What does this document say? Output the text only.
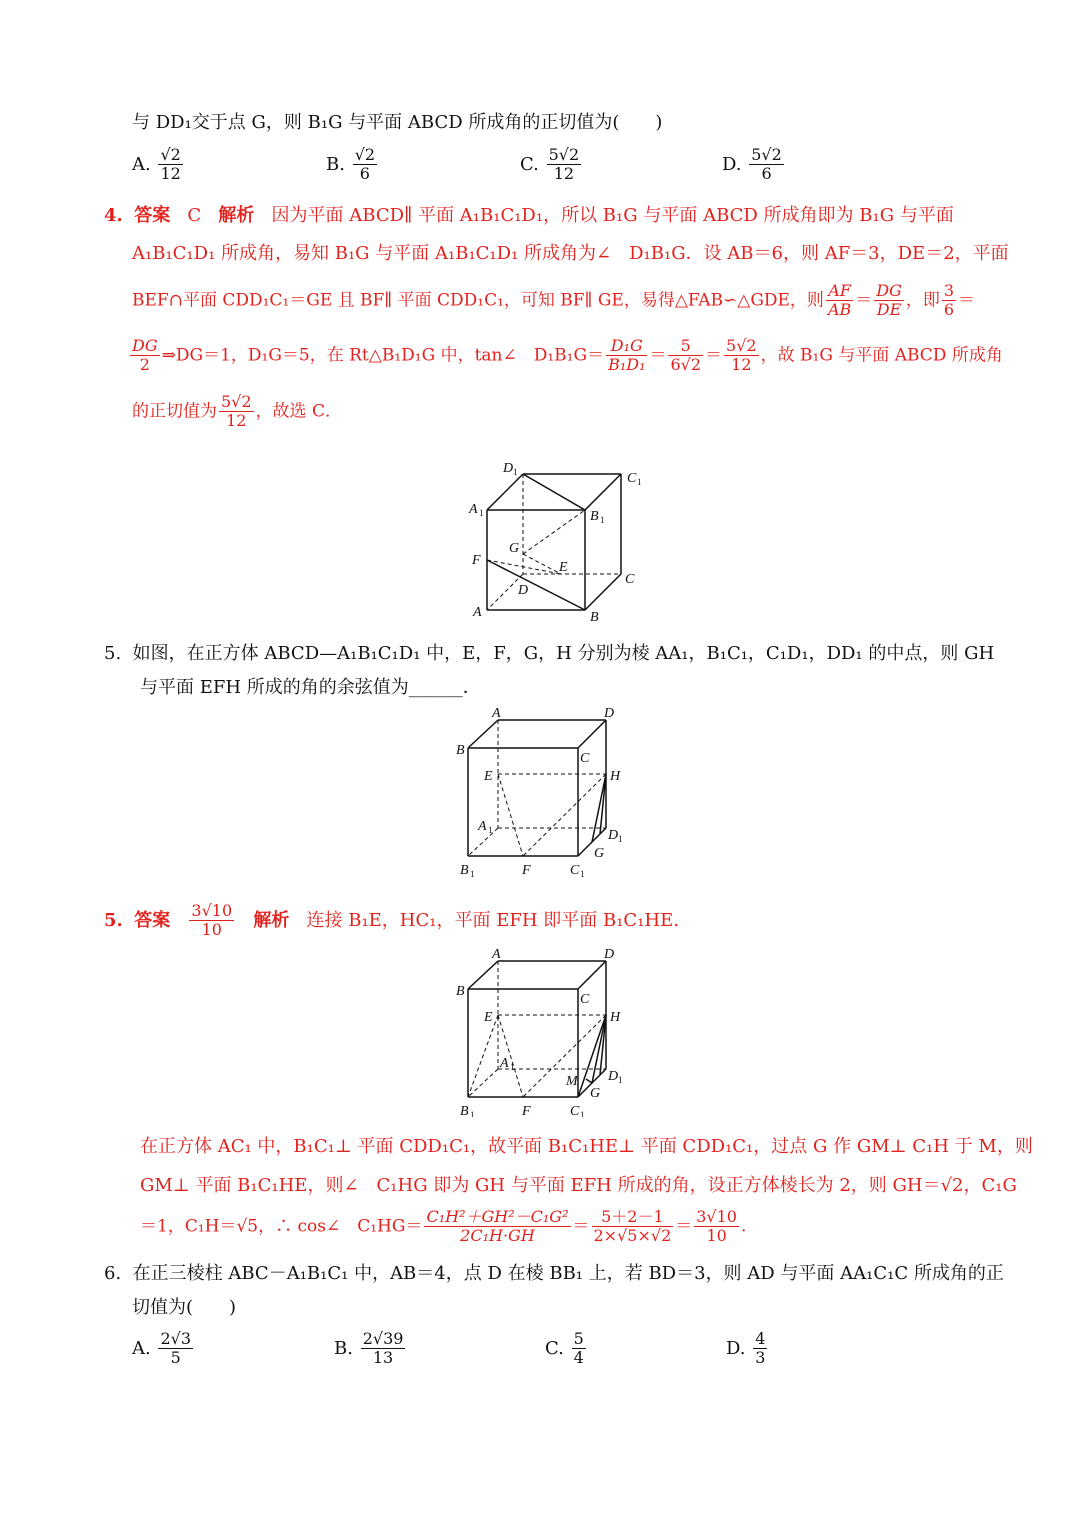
与 DD₁交于点 G，则 B₁G 与平面 ABCD 所成角的正切值为(　　)
A. $\frac{√2}{12}$	B. $\frac{√2}{6}$	C. $\frac{5√2}{12}$	D. $\frac{5√2}{6}$
4. 答案 C 解析 因为平面 ABCD∥ 平面 A₁B₁C₁D₁，所以 B₁G 与平面 ABCD 所成角即为 B₁G 与平面
A₁B₁C₁D₁ 所成角，易知 B₁G 与平面 A₁B₁C₁D₁ 所成角为∠　D₁B₁G．设 AB＝6，则 AF＝3，DE＝2，平面
BEF∩平面 CDD₁C₁＝GE 且 BF∥ 平面 CDD₁C₁，可知 BF∥ GE，易得△FAB∽△GDE，则 $\frac{AF}{AB} = \frac{DG}{DE}$ ，即 $\frac{3}{6}$ ＝
$\frac{DG}{2}$ ⇒DG＝1，D₁G＝5，在 Rt△B₁D₁G 中，tan∠　$D_1B_1G= \frac{\text{D₁G}}{\text{B₁D₁}} = \frac{5}{6√2} = \frac{5√2}{12}$ ，故 B₁G 与平面 ABCD 所成角
的正切值为 $\frac{5√2}{12}$ ，故选 C．
D 1	C 1
A 1	B 1
G
F	E
C
D
A	B
5. 如图，在正方体 ABCD—A₁B₁C₁D₁ 中，E，F，G，H 分别为棱 AA₁，B₁C₁，C₁D₁，DD₁ 的中点，则 GH
与平面 EFH 所成的角的余弦值为______．
A	D
B
C
E	H
A 1	D 1
G
B 1	F	C 1
5. 答案 $\frac{3√10}{10}$ 解析 连接 B₁E，HC₁，平面 EFH 即平面 B₁C₁HE.
A	D
B
C
E	H
A 1
D 1
M
G
B 1	F	C 1
在正方体 AC₁ 中，B₁C₁⊥ 平面 CDD₁C₁，故平面 B₁C₁HE⊥ 平面 CDD₁C₁，过点 G 作 GM⊥ C₁H 于 M，则
GM⊥ 平面 B₁C₁HE，则∠　C₁HG 即为 GH 与平面 EFH 所成的角，设正方体棱长为 2，则 GH＝√2，C₁G
＝1，C₁H＝√5，∴ cos∠　$C_1HG= \frac{\text{C₁H²＋GH²－C₁G²}}{\text{2C₁H·GH}} = \frac{5+2-1}{2\times√5\times√2} = \frac{3√10}{10}$ .
6. 在正三棱柱 ABC－A₁B₁C₁ 中，AB＝4，点 D 在棱 BB₁ 上，若 BD＝3，则 AD 与平面 AA₁C₁C 所成角的正
切值为(　　)
A. $\frac{2√3}{5}$	B. $\frac{2√39}{13}$	C. $\frac{5}{4}$	D. $\frac{4}{3}$
